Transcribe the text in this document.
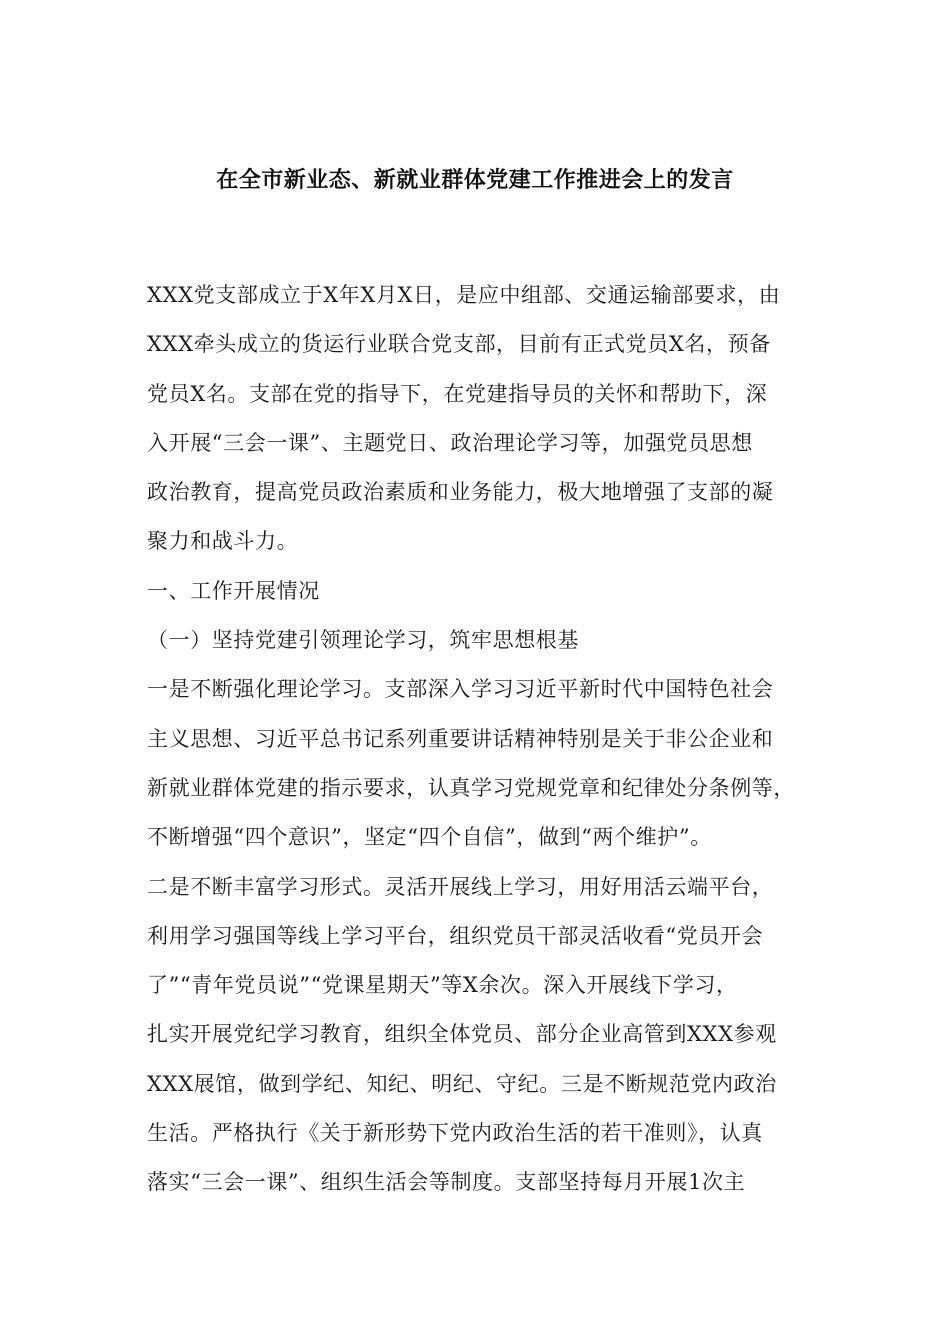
在全市新业态、新就业群体党建工作推进会上的发言
XXX党支部成立于X年X月X日，是应中组部、交通运输部要求，由
XXX牵头成立的货运行业联合党支部，目前有正式党员X名，预备
党员X名。支部在党的指导下，在党建指导员的关怀和帮助下，深
入开展“三会一课”、主题党日、政治理论学习等，加强党员思想
政治教育，提高党员政治素质和业务能力，极大地增强了支部的凝
聚力和战斗力。
一、工作开展情况
（一）坚持党建引领理论学习，筑牢思想根基
一是不断强化理论学习。支部深入学习习近平新时代中国特色社会
主义思想、习近平总书记系列重要讲话精神特别是关于非公企业和
新就业群体党建的指示要求，认真学习党规党章和纪律处分条例等，
不断增强“四个意识”，坚定“四个自信”，做到“两个维护”。
二是不断丰富学习形式。灵活开展线上学习，用好用活云端平台，
利用学习强国等线上学习平台，组织党员干部灵活收看“党员开会
了”“青年党员说”“党课星期天”等X余次。深入开展线下学习，
扎实开展党纪学习教育，组织全体党员、部分企业高管到XXX参观
XXX展馆，做到学纪、知纪、明纪、守纪。三是不断规范党内政治
生活。严格执行《关于新形势下党内政治生活的若干准则》，认真
落实“三会一课”、组织生活会等制度。支部坚持每月开展1次主
